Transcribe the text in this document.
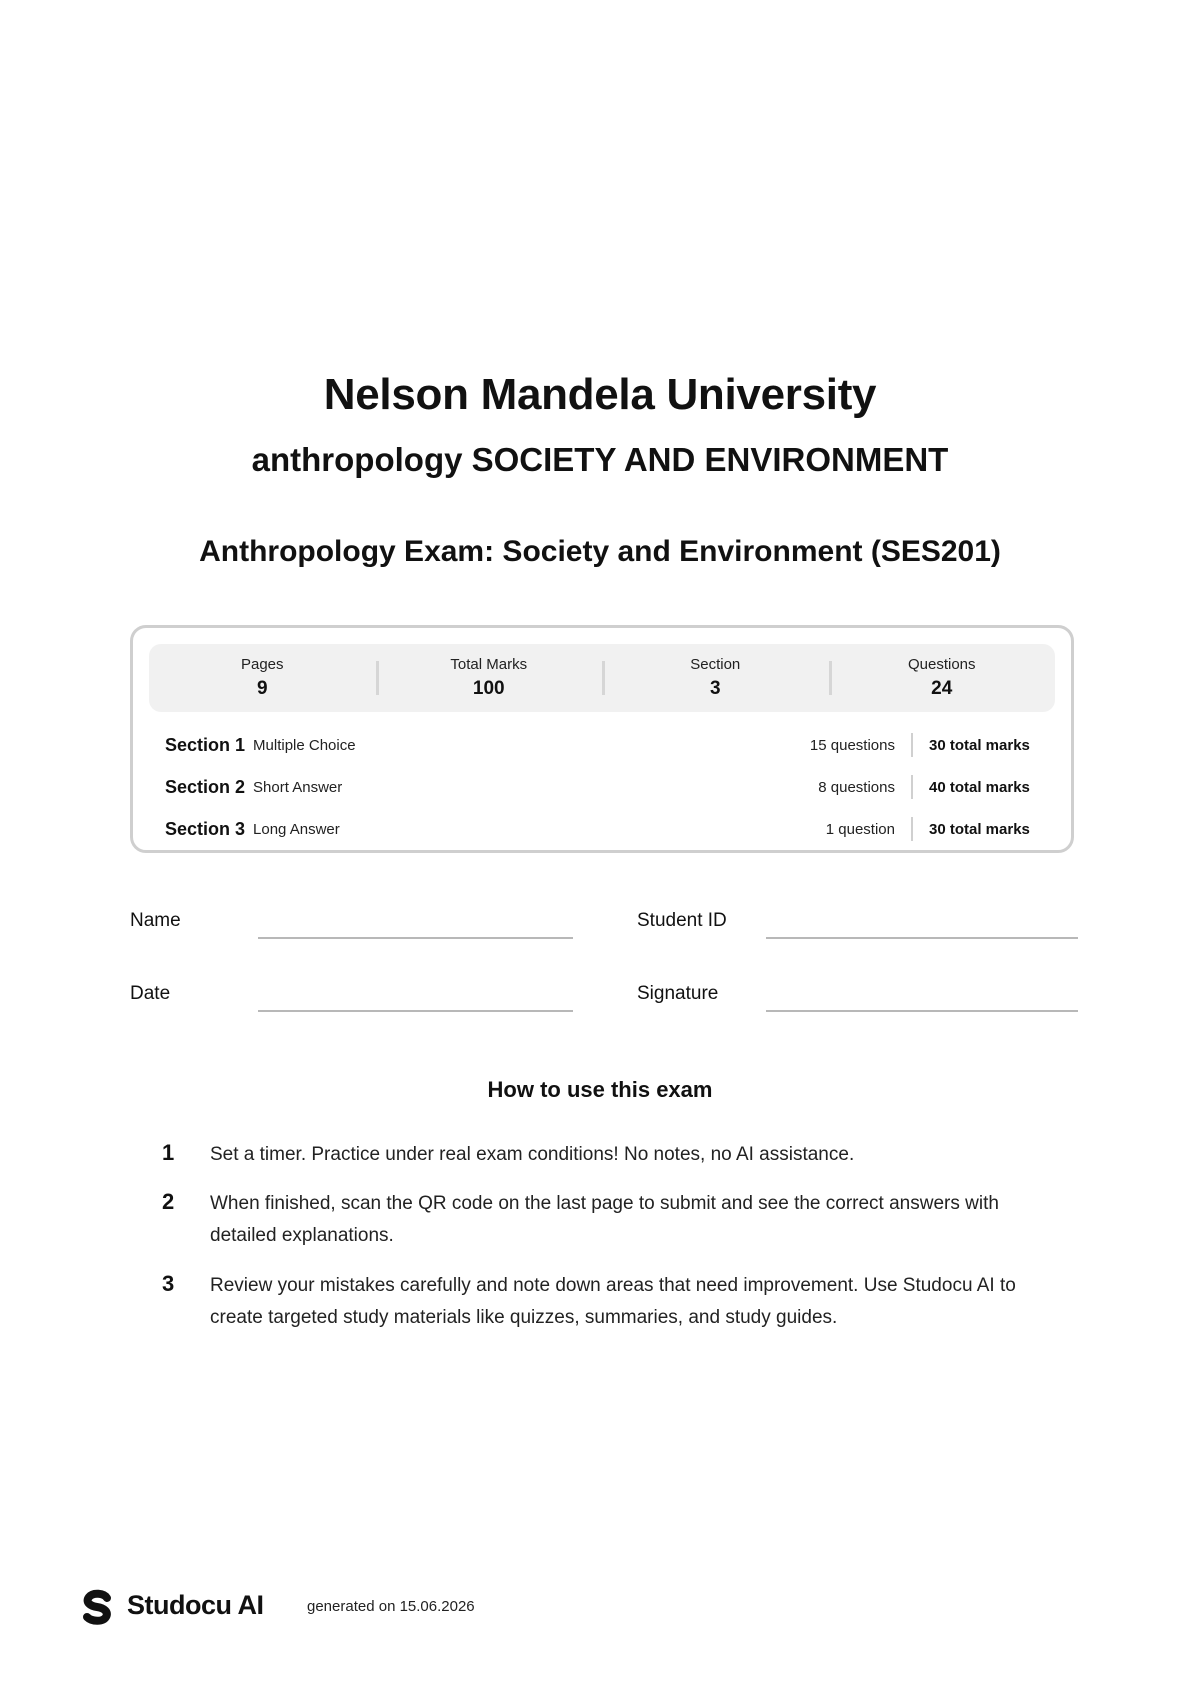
Nelson Mandela University
anthropology SOCIETY AND ENVIRONMENT
Anthropology Exam: Society and Environment (SES201)
Pages
9
Total Marks
100
Section
3
Questions
24
Section 1 Multiple Choice	15 questions 30 total marks
Section 2 Short Answer	8 questions 40 total marks
Section 3 Long Answer	1 question 30 total marks
Name	Student ID
Date	Signature
How to use this exam
1	Set a timer. Practice under real exam conditions! No notes, no AI assistance.
2	When finished, scan the QR code on the last page to submit and see the correct answers with detailed explanations.
3	Review your mistakes carefully and note down areas that need improvement. Use Studocu AI to create targeted study materials like quizzes, summaries, and study guides.
Studocu AI	generated on 15.06.2026
